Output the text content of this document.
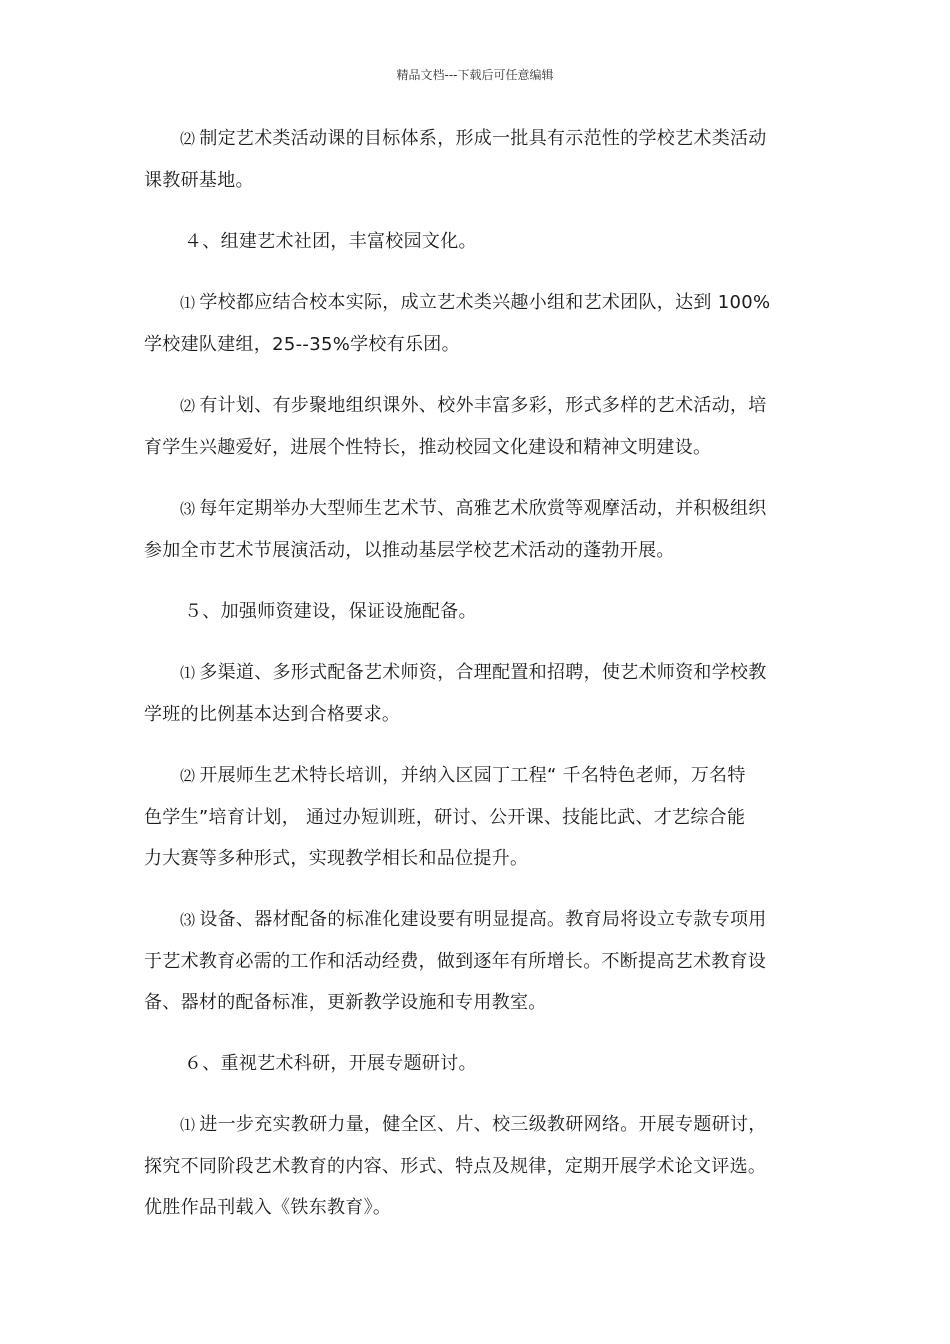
精品文档---下载后可任意编辑
⑵ 制定艺术类活动课的目标体系，形成一批具有示范性的学校艺术类活动
课教研基地。
４、组建艺术社团，丰富校园文化。
⑴ 学校都应结合校本实际，成立艺术类兴趣小组和艺术团队，达到 100%
学校建队建组，25--35%学校有乐团。
⑵ 有计划、有步聚地组织课外、校外丰富多彩，形式多样的艺术活动，培
育学生兴趣爱好，进展个性特长，推动校园文化建设和精神文明建设。
⑶ 每年定期举办大型师生艺术节、高雅艺术欣赏等观摩活动，并积极组织
参加全市艺术节展演活动，以推动基层学校艺术活动的蓬勃开展。
５、加强师资建设，保证设施配备。
⑴ 多渠道、多形式配备艺术师资，合理配置和招聘，使艺术师资和学校教
学班的比例基本达到合格要求。
⑵ 开展师生艺术特长培训，并纳入区园丁工程“ 千名特色老师，万名特
色学生”培育计划， 通过办短训班，研讨、公开课、技能比武、才艺综合能
力大赛等多种形式，实现教学相长和品位提升。
⑶ 设备、器材配备的标准化建设要有明显提高。教育局将设立专款专项用
于艺术教育必需的工作和活动经费，做到逐年有所增长。不断提高艺术教育设
备、器材的配备标准，更新教学设施和专用教室。
６、重视艺术科研，开展专题研讨。
⑴ 进一步充实教研力量，健全区、片、校三级教研网络。开展专题研讨，
探究不同阶段艺术教育的内容、形式、特点及规律，定期开展学术论文评选。
优胜作品刊载入《铁东教育》。
